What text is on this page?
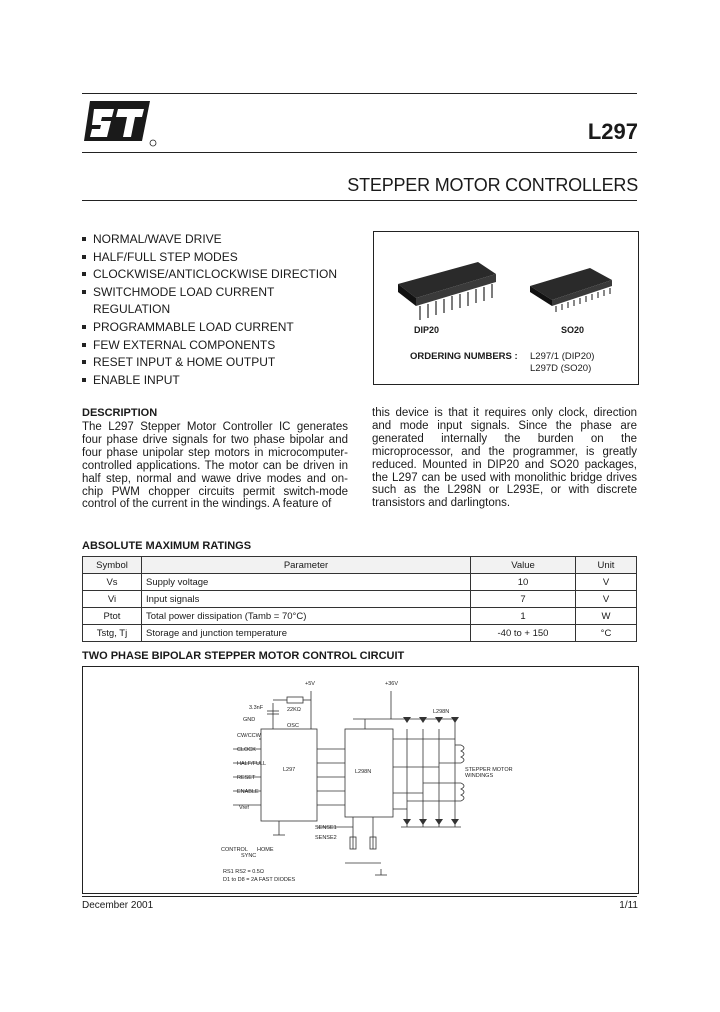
L297
STEPPER MOTOR CONTROLLERS
NORMAL/WAVE DRIVE
HALF/FULL STEP MODES
CLOCKWISE/ANTICLOCKWISE DIRECTION
SWITCHMODE LOAD CURRENT REGULATION
PROGRAMMABLE LOAD CURRENT
FEW EXTERNAL COMPONENTS
RESET INPUT & HOME OUTPUT
ENABLE INPUT
DIP20	SO20
ORDERING NUMBERS : L297/1 (DIP20)
L297D (SO20)
DESCRIPTION
The L297 Stepper Motor Controller IC generates four phase drive signals for two phase bipolar and four phase unipolar step motors in microcomputer-controlled applications. The motor can be driven in half step, normal and wawe drive modes and on-chip PWM chopper circuits permit switch-mode control of the current in the windings. A feature of
this device is that it requires only clock, direction and mode input signals. Since the phase are generated internally the burden on the microprocessor, and the programmer, is greatly reduced. Mounted in DIP20 and SO20 packages, the L297 can be used with monolithic bridge drives such as the L298N or L293E, or with discrete transistors and darlingtons.
ABSOLUTE MAXIMUM RATINGS
Symbol	Parameter	Value	Unit
Vs	Supply voltage	10	V
Vi	Input signals	7	V
Ptot	Total power dissipation (Tamb = 70°C)	1	W
Tstg, Tj	Storage and junction temperature	-40 to + 150	°C
TWO PHASE BIPOLAR STEPPER MOTOR CONTROL CIRCUIT
L297	L298N
+5V	+36V
22KΩ
3.3nF
OSC
GND
CW/CCW
CLOCK
HALF/FULL
RESET
ENABLE
Vref
SENSE1
SENSE2
CONTROL HOME
SYNC
L298N
STEPPER MOTOR WINDINGS
RS1 RS2 = 0.5Ω
D1 to D8 = 2A FAST DIODES
December 2001	1/11
